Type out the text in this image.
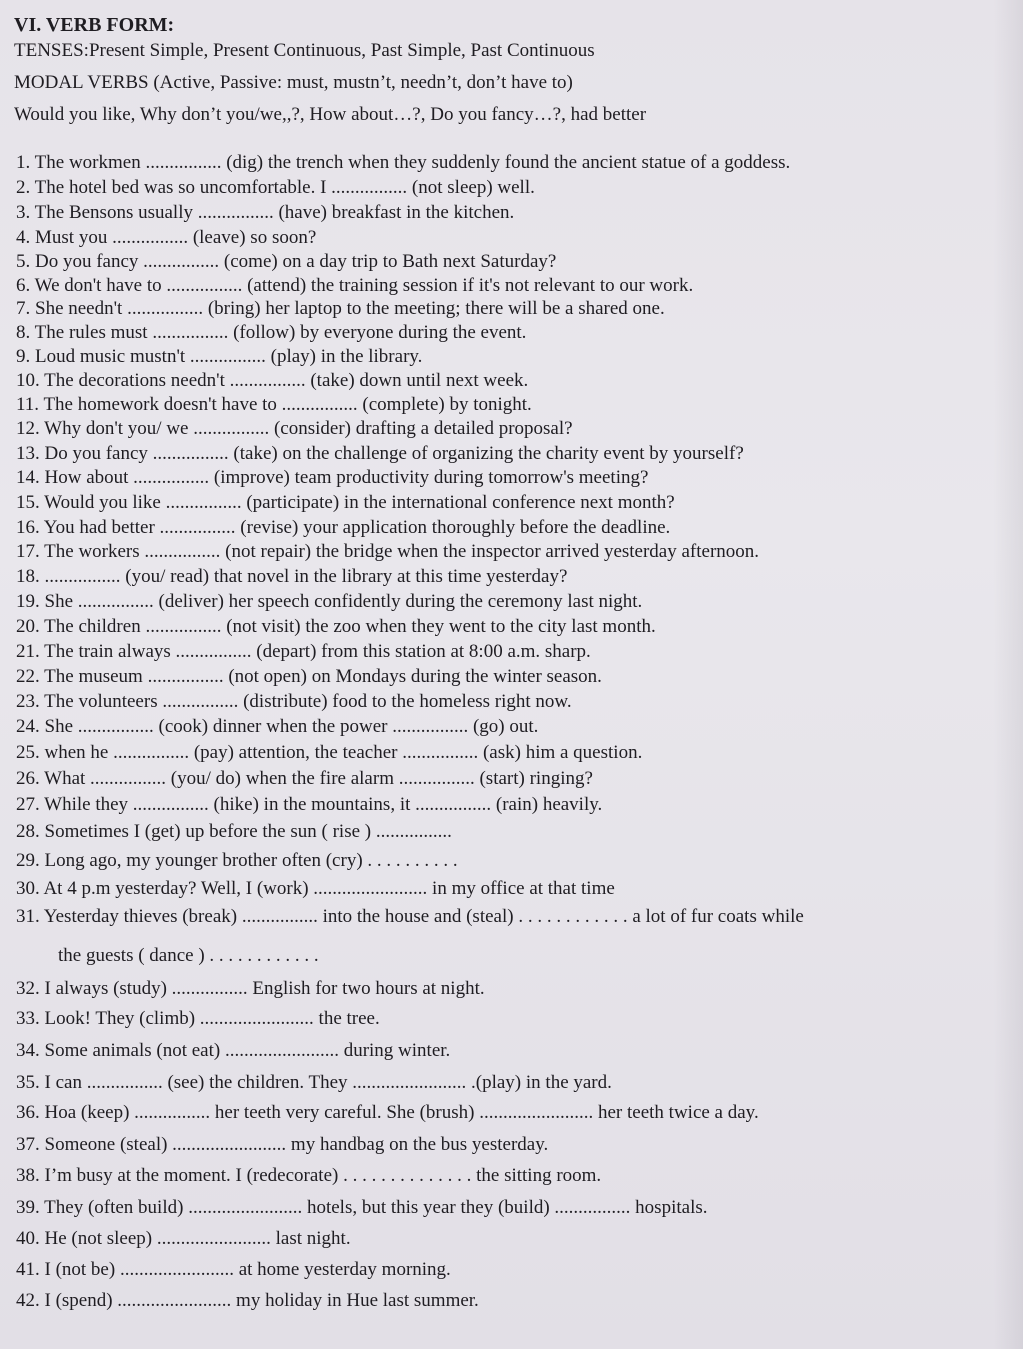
VI. VERB FORM:
TENSES:Present Simple, Present Continuous, Past Simple, Past Continuous
MODAL VERBS (Active, Passive: must, mustn’t, needn’t, don’t have to)
Would you like, Why don’t you/we,,?, How about…?, Do you fancy…?, had better
1. The workmen ................ (dig) the trench when they suddenly found the ancient statue of a goddess.
2. The hotel bed was so uncomfortable. I ................ (not sleep) well.
3. The Bensons usually ................ (have) breakfast in the kitchen.
4. Must you ................ (leave) so soon?
5. Do you fancy ................ (come) on a day trip to Bath next Saturday?
6. We don't have to ................ (attend) the training session if it's not relevant to our work.
7. She needn't ................ (bring) her laptop to the meeting; there will be a shared one.
8. The rules must ................ (follow) by everyone during the event.
9. Loud music mustn't ................ (play) in the library.
10. The decorations needn't ................ (take) down until next week.
11. The homework doesn't have to ................ (complete) by tonight.
12. Why don't you/ we ................ (consider) drafting a detailed proposal?
13. Do you fancy ................ (take) on the challenge of organizing the charity event by yourself?
14. How about ................ (improve) team productivity during tomorrow's meeting?
15. Would you like ................ (participate) in the international conference next month?
16. You had better ................ (revise) your application thoroughly before the deadline.
17. The workers ................ (not repair) the bridge when the inspector arrived yesterday afternoon.
18. ................ (you/ read) that novel in the library at this time yesterday?
19. She ................ (deliver) her speech confidently during the ceremony last night.
20. The children ................ (not visit) the zoo when they went to the city last month.
21. The train always ................ (depart) from this station at 8:00 a.m. sharp.
22. The museum ................ (not open) on Mondays during the winter season.
23. The volunteers ................ (distribute) food to the homeless right now.
24. She ................ (cook) dinner when the power ................ (go) out.
25. when he ................ (pay) attention, the teacher ................ (ask) him a question.
26. What ................ (you/ do) when the fire alarm ................ (start) ringing?
27. While they ................ (hike) in the mountains, it ................ (rain) heavily.
28. Sometimes I (get) up before the sun ( rise ) ................
29. Long ago, my younger brother often (cry) . . . . . . . . . .
30. At 4 p.m yesterday? Well, I (work) ........................ in my office at that time
31. Yesterday thieves (break) ................ into the house and (steal) . . . . . . . . . . . . a lot of fur coats while
the guests ( dance ) . . . . . . . . . . . .
32. I always (study) ................ English for two hours at night.
33. Look! They (climb) ........................ the tree.
34. Some animals (not eat) ........................ during winter.
35. I can ................ (see) the children. They ........................ .(play) in the yard.
36. Hoa (keep) ................ her teeth very careful. She (brush) ........................ her teeth twice a day.
37. Someone (steal) ........................ my handbag on the bus yesterday.
38. I’m busy at the moment. I (redecorate) . . . . . . . . . . . . . . the sitting room.
39. They (often build) ........................ hotels, but this year they (build) ................ hospitals.
40. He (not sleep) ........................ last night.
41. I (not be) ........................ at home yesterday morning.
42. I (spend) ........................ my holiday in Hue last summer.
